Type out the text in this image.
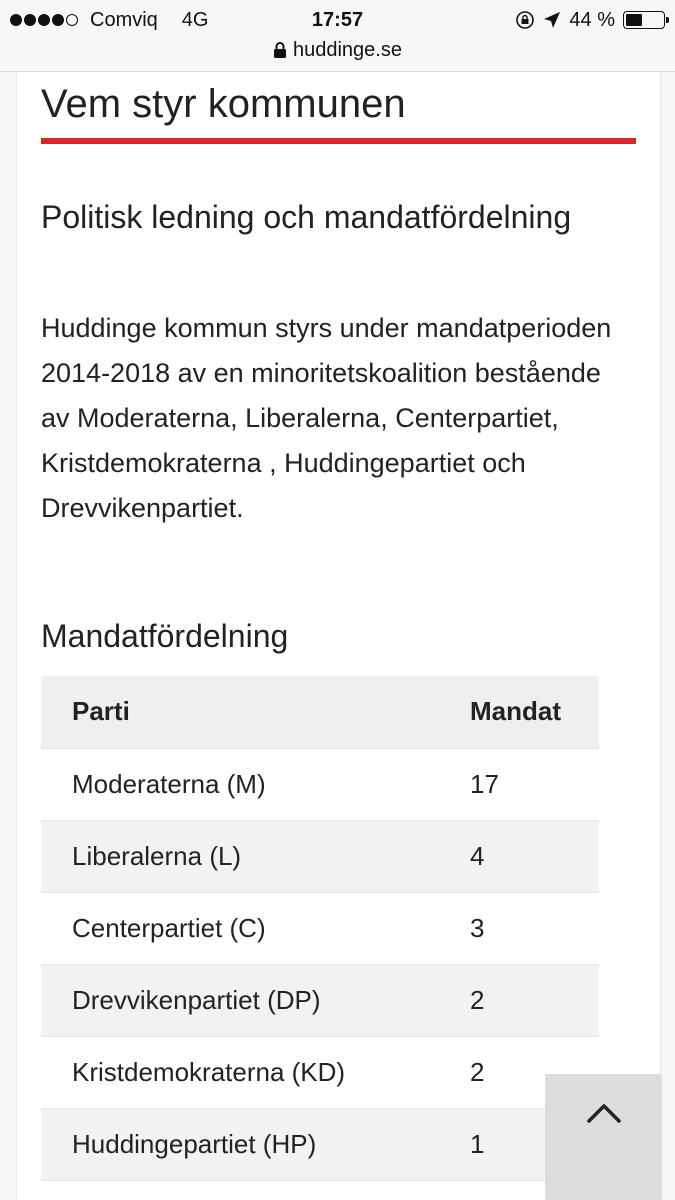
Comviq 4G	17:57	44 %
huddinge.se
Vem styr kommunen
Politisk ledning och mandatfördelning

Huddinge kommun styrs under mandatperioden 2014-2018 av en minoritetskoalition bestående av Moderaterna, Liberalerna, Centerpartiet, Kristdemokraterna , Huddingepartiet och Drevvikenpartiet.

Mandatfördelning
Parti	Mandat
Moderaterna (M)	17
Liberalerna (L)	4
Centerpartiet (C)	3
Drevvikenpartiet (DP)	2
Kristdemokraterna (KD)	2
Huddingepartiet (HP)	1
